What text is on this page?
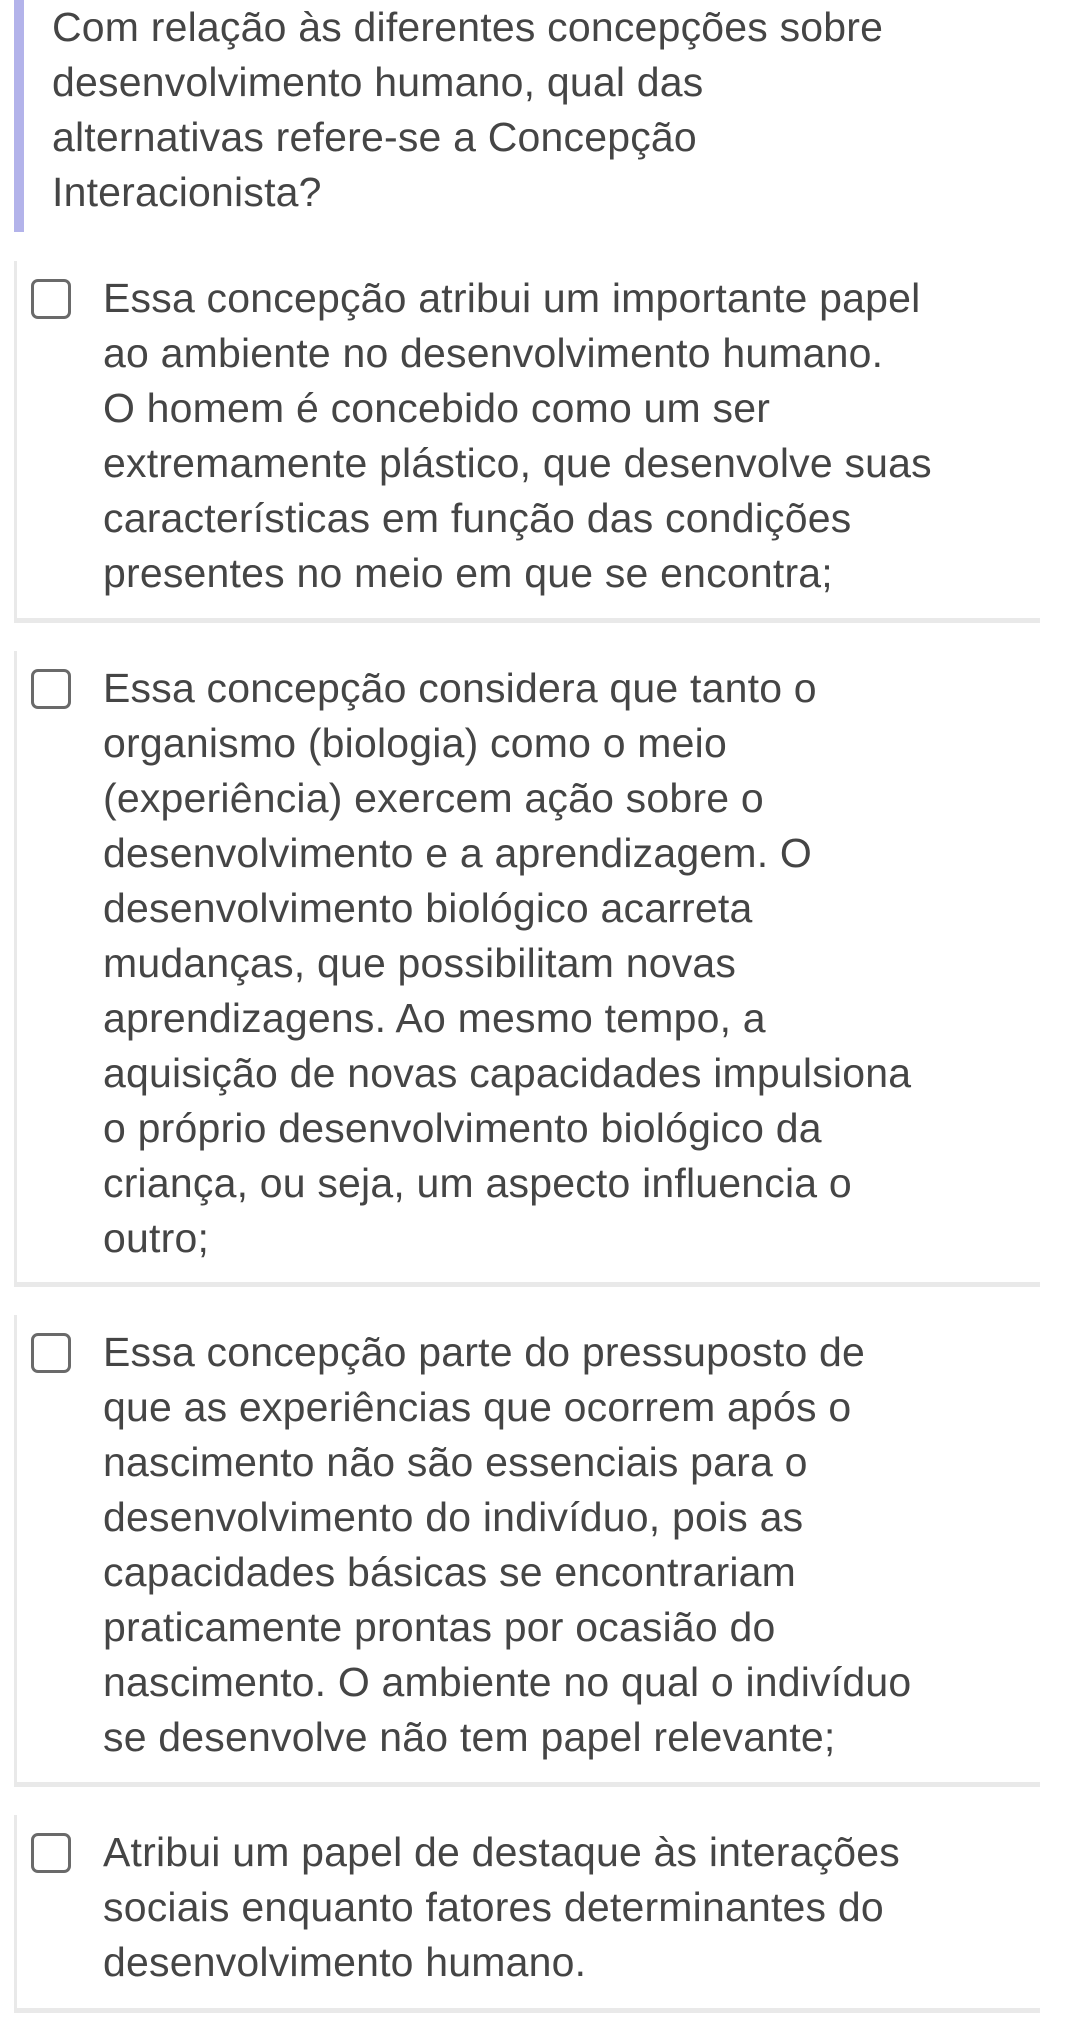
Com relação às diferentes concepções sobre
desenvolvimento humano, qual das
alternativas refere-se a Concepção
Interacionista?

Essa concepção atribui um importante papel
ao ambiente no desenvolvimento humano.
O homem é concebido como um ser
extremamente plástico, que desenvolve suas
características em função das condições
presentes no meio em que se encontra;

Essa concepção considera que tanto o
organismo (biologia) como o meio
(experiência) exercem ação sobre o
desenvolvimento e a aprendizagem. O
desenvolvimento biológico acarreta
mudanças, que possibilitam novas
aprendizagens. Ao mesmo tempo, a
aquisição de novas capacidades impulsiona
o próprio desenvolvimento biológico da
criança, ou seja, um aspecto influencia o
outro;

Essa concepção parte do pressuposto de
que as experiências que ocorrem após o
nascimento não são essenciais para o
desenvolvimento do indivíduo, pois as
capacidades básicas se encontrariam
praticamente prontas por ocasião do
nascimento. O ambiente no qual o indivíduo
se desenvolve não tem papel relevante;

Atribui um papel de destaque às interações
sociais enquanto fatores determinantes do
desenvolvimento humano.
